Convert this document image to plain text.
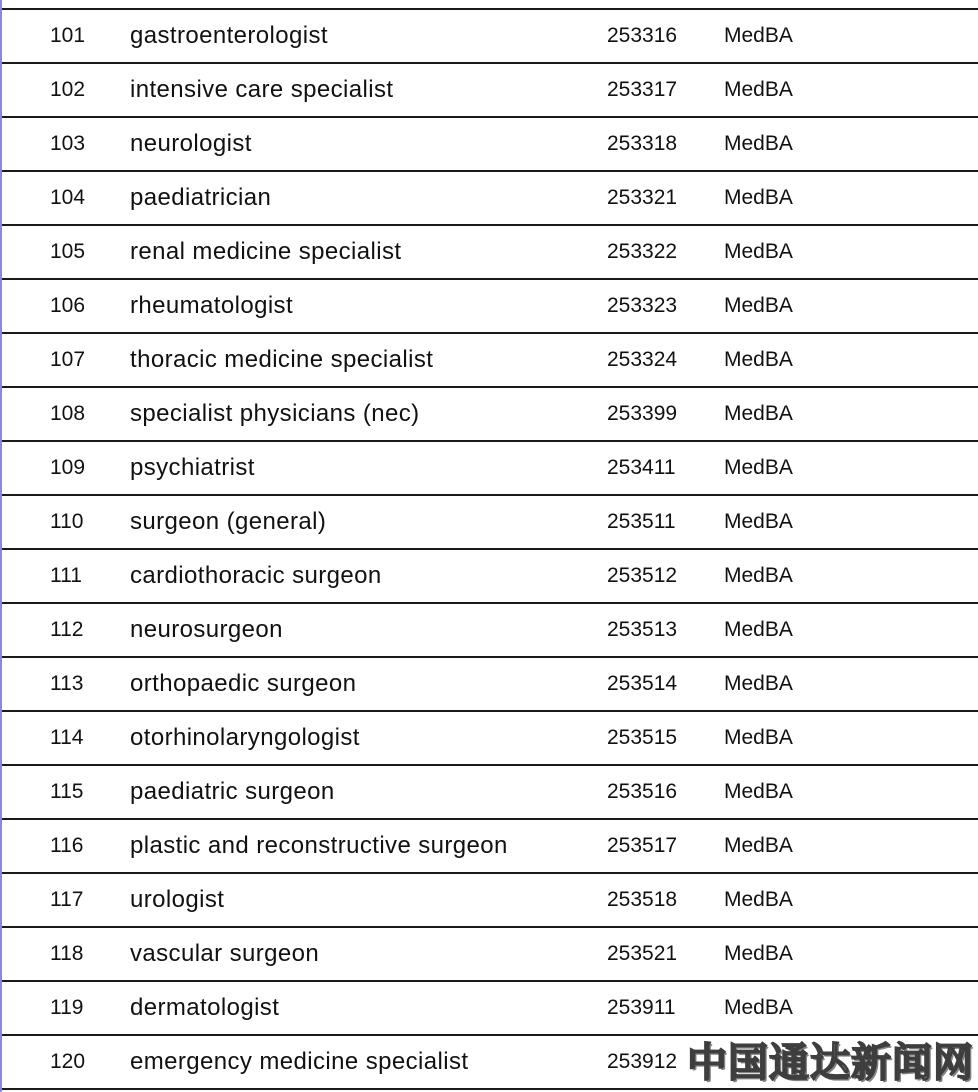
101 gastroenterologist	253316 MedBA
102 intensive care specialist	253317 MedBA
103 neurologist	253318 MedBA
104 paediatrician	253321 MedBA
105 renal medicine specialist	253322 MedBA
106 rheumatologist	253323 MedBA
107 thoracic medicine specialist	253324 MedBA
108 specialist physicians (nec)	253399 MedBA
109 psychiatrist	253411 MedBA
110 surgeon (general)	253511 MedBA
111 cardiothoracic surgeon	253512 MedBA
112 neurosurgeon	253513 MedBA
113 orthopaedic surgeon	253514 MedBA
114 otorhinolaryngologist	253515 MedBA
115 paediatric surgeon	253516 MedBA
116 plastic and reconstructive surgeon	253517 MedBA
117 urologist	253518 MedBA
118 vascular surgeon	253521 MedBA
119 dermatologist	253911 MedBA
120 emergency medicine specialist	253912 中国通达新闻网
